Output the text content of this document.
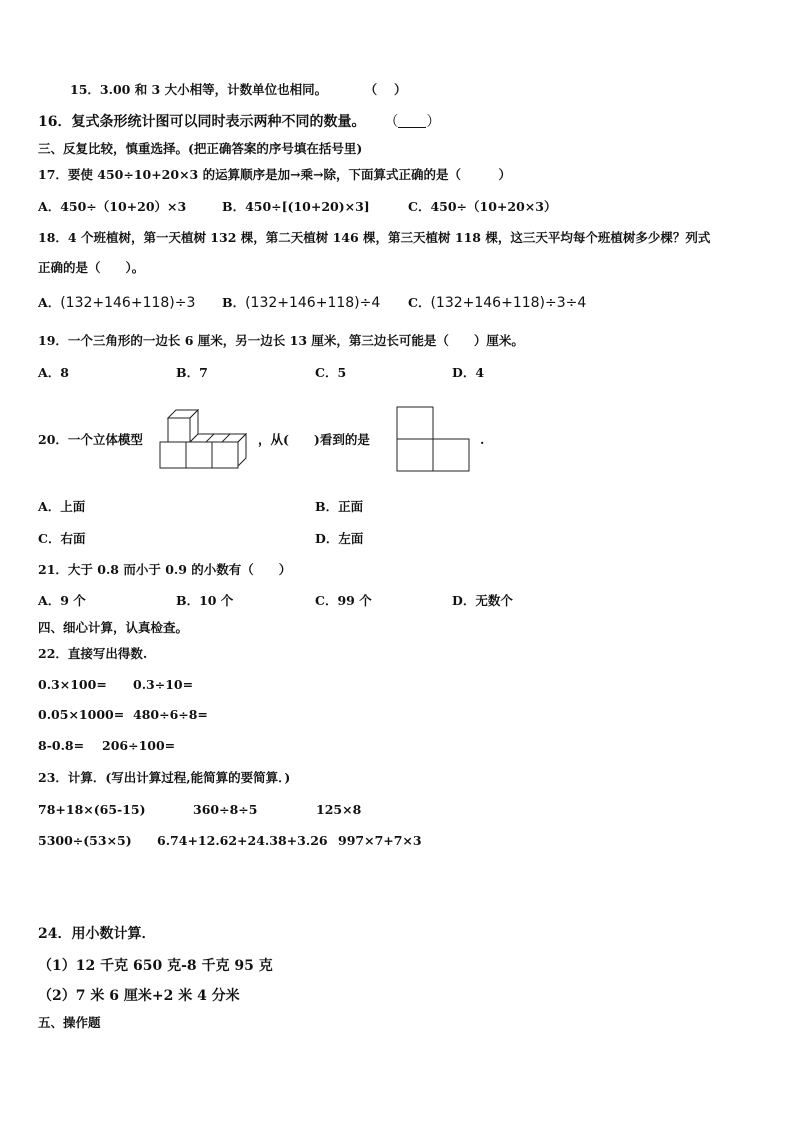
15．3.00 和 3 大小相等，计数单位也相同。　　　　（　 ）
16．复式条形统计图可以同时表示两种不同的数量。 （ ）
三、反复比较，慎重选择。(把正确答案的序号填在括号里)
17．要使 450÷10+20×3 的运算顺序是加→乘→除，下面算式正确的是（　　　）
A．450÷（10+20）×3	B．450÷[(10+20)×3]	C．450÷（10+20×3）
18．4 个班植树，第一天植树 132 棵，第二天植树 146 棵，第三天植树 118 棵，这三天平均每个班植树多少棵？列式
正确的是（　　）。
A．(132+146+118)÷3 B．(132+146+118)÷4 C．(132+146+118)÷3÷4
19．一个三角形的一边长 6 厘米，另一边长 13 厘米，第三边长可能是（　　）厘米。
A．8	B．7	C．5	D．4
20．一个立体模型	，从(　　)看到的是	.
A．上面	B．正面
C．右面	D．左面
21．大于 0.8 而小于 0.9 的小数有（　　）
A．9 个	B．10 个	C．99 个	D．无数个
四、细心计算，认真检查。
22．直接写出得数.
0.3×100= 0.3÷10=
0.05×1000= 480÷6÷8=
8-0.8= 206÷100=
23．计算．(写出计算过程,能简算的要简算．)
78+18×(65-15)	360÷8÷5	125×8
5300÷(53×5) 6.74+12.62+24.38+3.26 997×7+7×3
24．用小数计算．
（1）12 千克 650 克-8 千克 95 克
（2）7 米 6 厘米+2 米 4 分米
五、操作题
